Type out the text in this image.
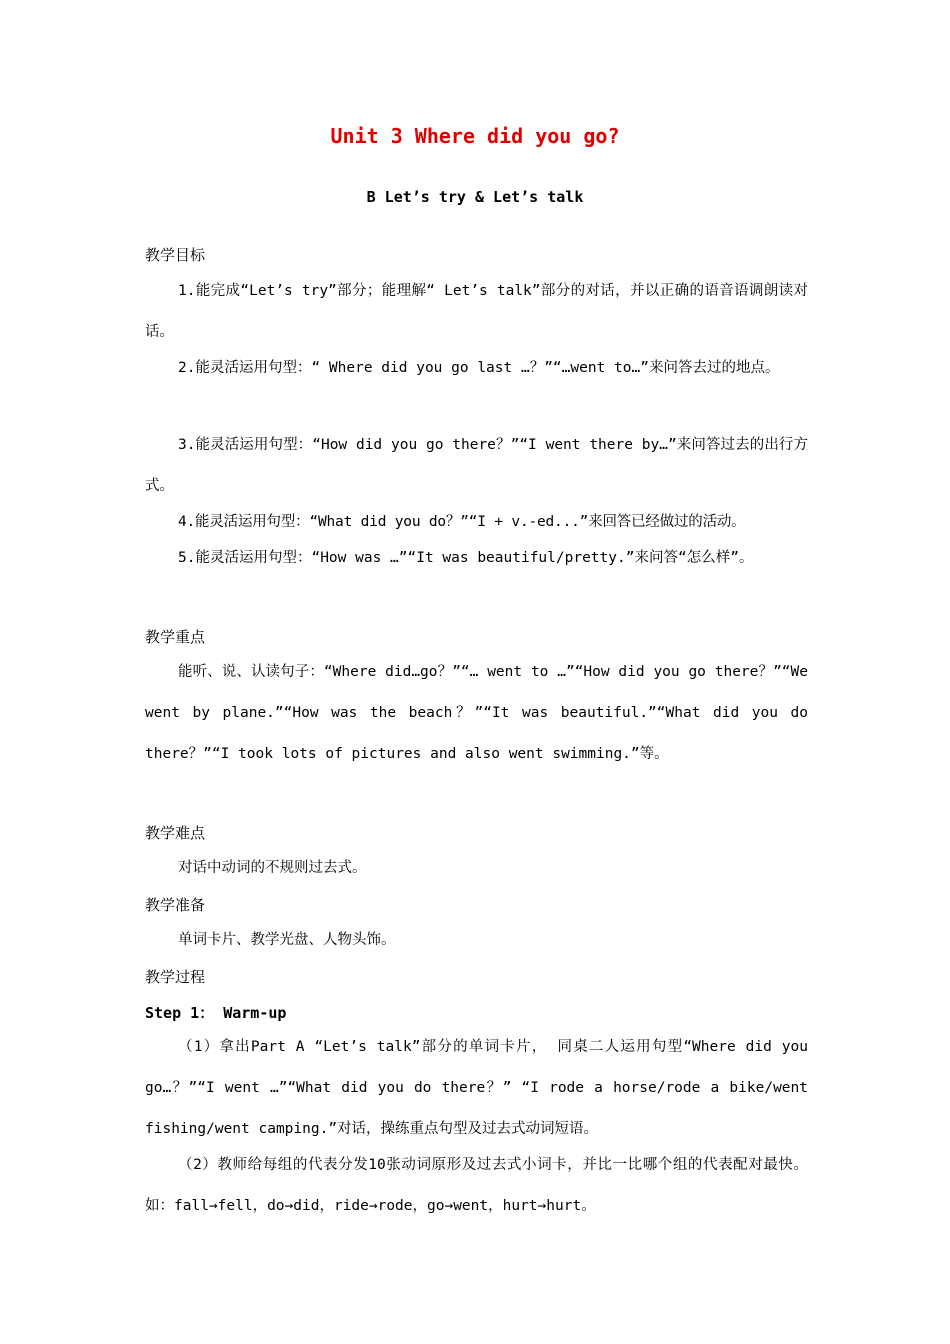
Unit 3 Where did you go?
B Let’s try & Let’s talk
教学目标
1.能完成“Let’s try”部分；能理解“ Let’s talk”部分的对话，并以正确的语音语调朗读对话。
2.能灵活运用句型：“ Where did you go last …？”“…went to…”来问答去过的地点。
3.能灵活运用句型：“How did you go there？”“I went there by…”来问答过去的出行方式。
4.能灵活运用句型：“What did you do？”“I + v.-ed...”来回答已经做过的活动。
5.能灵活运用句型：“How was …”“It was beautiful/pretty.”来问答“怎么样”。
教学重点
能听、说、认读句子：“Where did…go？”“… went to …”“How did you go there？”“We went by plane.”“How was the beach？”“It was beautiful.”“What did you do there？”“I took lots of pictures and also went swimming.”等。
教学难点
对话中动词的不规则过去式。
教学准备
单词卡片、教学光盘、人物头饰。
教学过程
Step 1： Warm-up
（1）拿出Part A “Let’s talk”部分的单词卡片， 同桌二人运用句型“Where did you go…？”“I went …”“What did you do there？” “I rode a horse/rode a bike/went fishing/went camping.”对话，操练重点句型及过去式动词短语。
（2）教师给每组的代表分发10张动词原形及过去式小词卡，并比一比哪个组的代表配对最快。如：fall→fell，do→did，ride→rode，go→went，hurt→hurt。
